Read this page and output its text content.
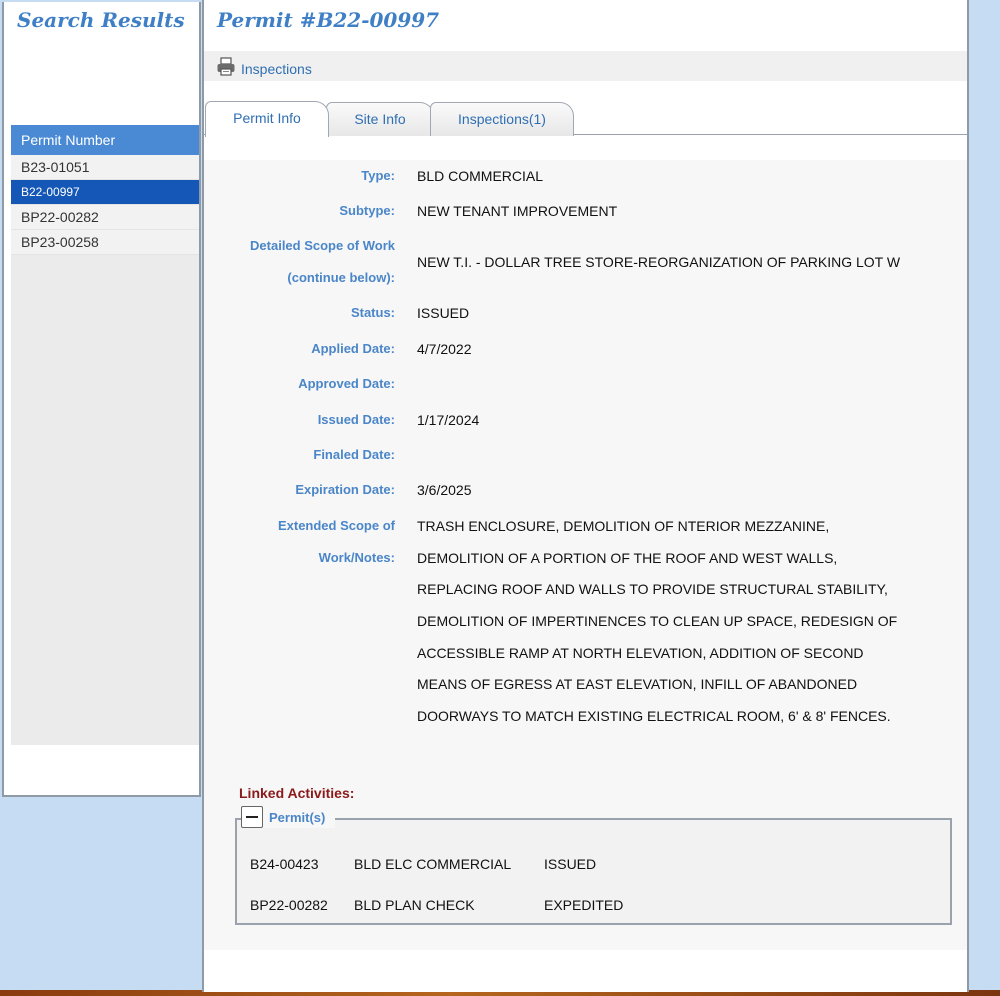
Search Results
Permit Number
B23-01051
B22-00997
BP22-00282
BP23-00258
Permit #B22-00997
Inspections
Permit Info	Site Info	Inspections(1)
Type: BLD COMMERCIAL
Subtype: NEW TENANT IMPROVEMENT
Detailed Scope of Work
(continue below):
NEW T.I. - DOLLAR TREE STORE-REORGANIZATION OF PARKING LOT W
Status: ISSUED
Applied Date: 4/7/2022
Approved Date:
Issued Date: 1/17/2024
Finaled Date:
Expiration Date: 3/6/2025
Extended Scope of
Work/Notes:
TRASH ENCLOSURE, DEMOLITION OF NTERIOR MEZZANINE,
DEMOLITION OF A PORTION OF THE ROOF AND WEST WALLS,
REPLACING ROOF AND WALLS TO PROVIDE STRUCTURAL STABILITY,
DEMOLITION OF IMPERTINENCES TO CLEAN UP SPACE, REDESIGN OF
ACCESSIBLE RAMP AT NORTH ELEVATION, ADDITION OF SECOND
MEANS OF EGRESS AT EAST ELEVATION, INFILL OF ABANDONED
DOORWAYS TO MATCH EXISTING ELECTRICAL ROOM, 6' & 8' FENCES.
Linked Activities:
Permit(s)
B24-00423	BLD ELC COMMERCIAL ISSUED
BP22-00282 BLD PLAN CHECK	EXPEDITED
